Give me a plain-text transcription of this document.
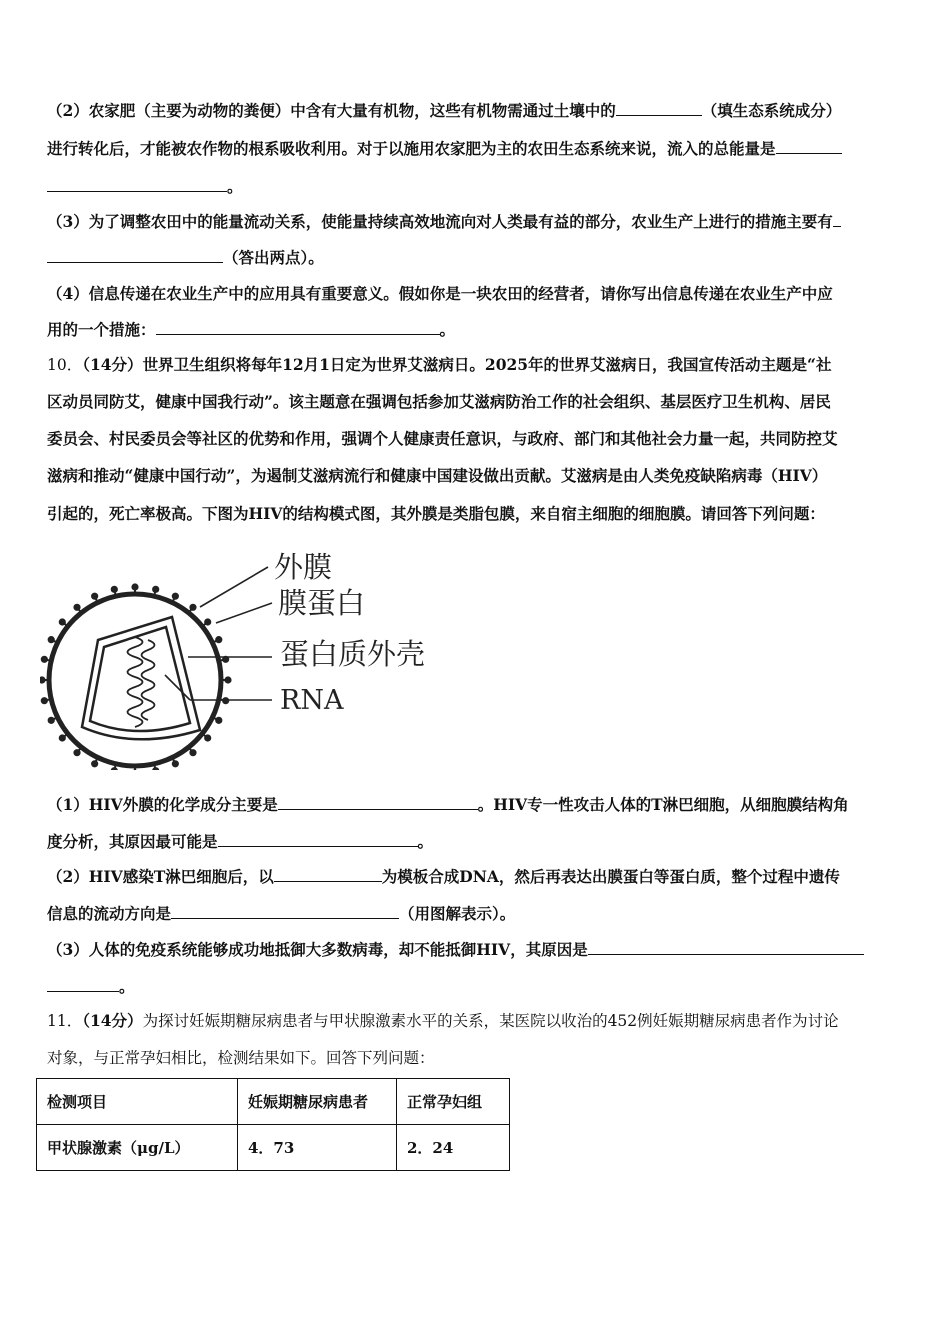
（2）农家肥（主要为动物的粪便）中含有大量有机物，这些有机物需通过土壤中的	（填生态系统成分）
进行转化后，才能被农作物的根系吸收利用。对于以施用农家肥为主的农田生态系统来说，流入的总能量是
。
（3）为了调整农田中的能量流动关系，使能量持续高效地流向对人类最有益的部分，农业生产上进行的措施主要有
（答出两点）。
（4）信息传递在农业生产中的应用具有重要意义。假如你是一块农田的经营者，请你写出信息传递在农业生产中应
用的一个措施：	。
10．（14分）世界卫生组织将每年12月1日定为世界艾滋病日。2025年的世界艾滋病日，我国宣传活动主题是“社
区动员同防艾，健康中国我行动”。该主题意在强调包括参加艾滋病防治工作的社会组织、基层医疗卫生机构、居民
委员会、村民委员会等社区的优势和作用，强调个人健康责任意识，与政府、部门和其他社会力量一起，共同防控艾
滋病和推动“健康中国行动”，为遏制艾滋病流行和健康中国建设做出贡献。艾滋病是由人类免疫缺陷病毒（HIV）
引起的，死亡率极高。下图为HIV的结构模式图，其外膜是类脂包膜，来自宿主细胞的细胞膜。请回答下列问题：
外膜
膜蛋白
蛋白质外壳
RNA
（1）HIV外膜的化学成分主要是	。HIV专一性攻击人体的T淋巴细胞，从细胞膜结构角
度分析，其原因最可能是	。
（2）HIV感染T淋巴细胞后，以	为模板合成DNA，然后再表达出膜蛋白等蛋白质，整个过程中遗传
信息的流动方向是	（用图解表示）。
（3）人体的免疫系统能够成功地抵御大多数病毒，却不能抵御HIV，其原因是
。
11．（14分）为探讨妊娠期糖尿病患者与甲状腺激素水平的关系，某医院以收治的452例妊娠期糖尿病患者作为讨论
对象，与正常孕妇相比，检测结果如下。回答下列问题：
检测项目	妊娠期糖尿病患者	正常孕妇组
甲状腺激素（μg/L）	4．73	2．24
